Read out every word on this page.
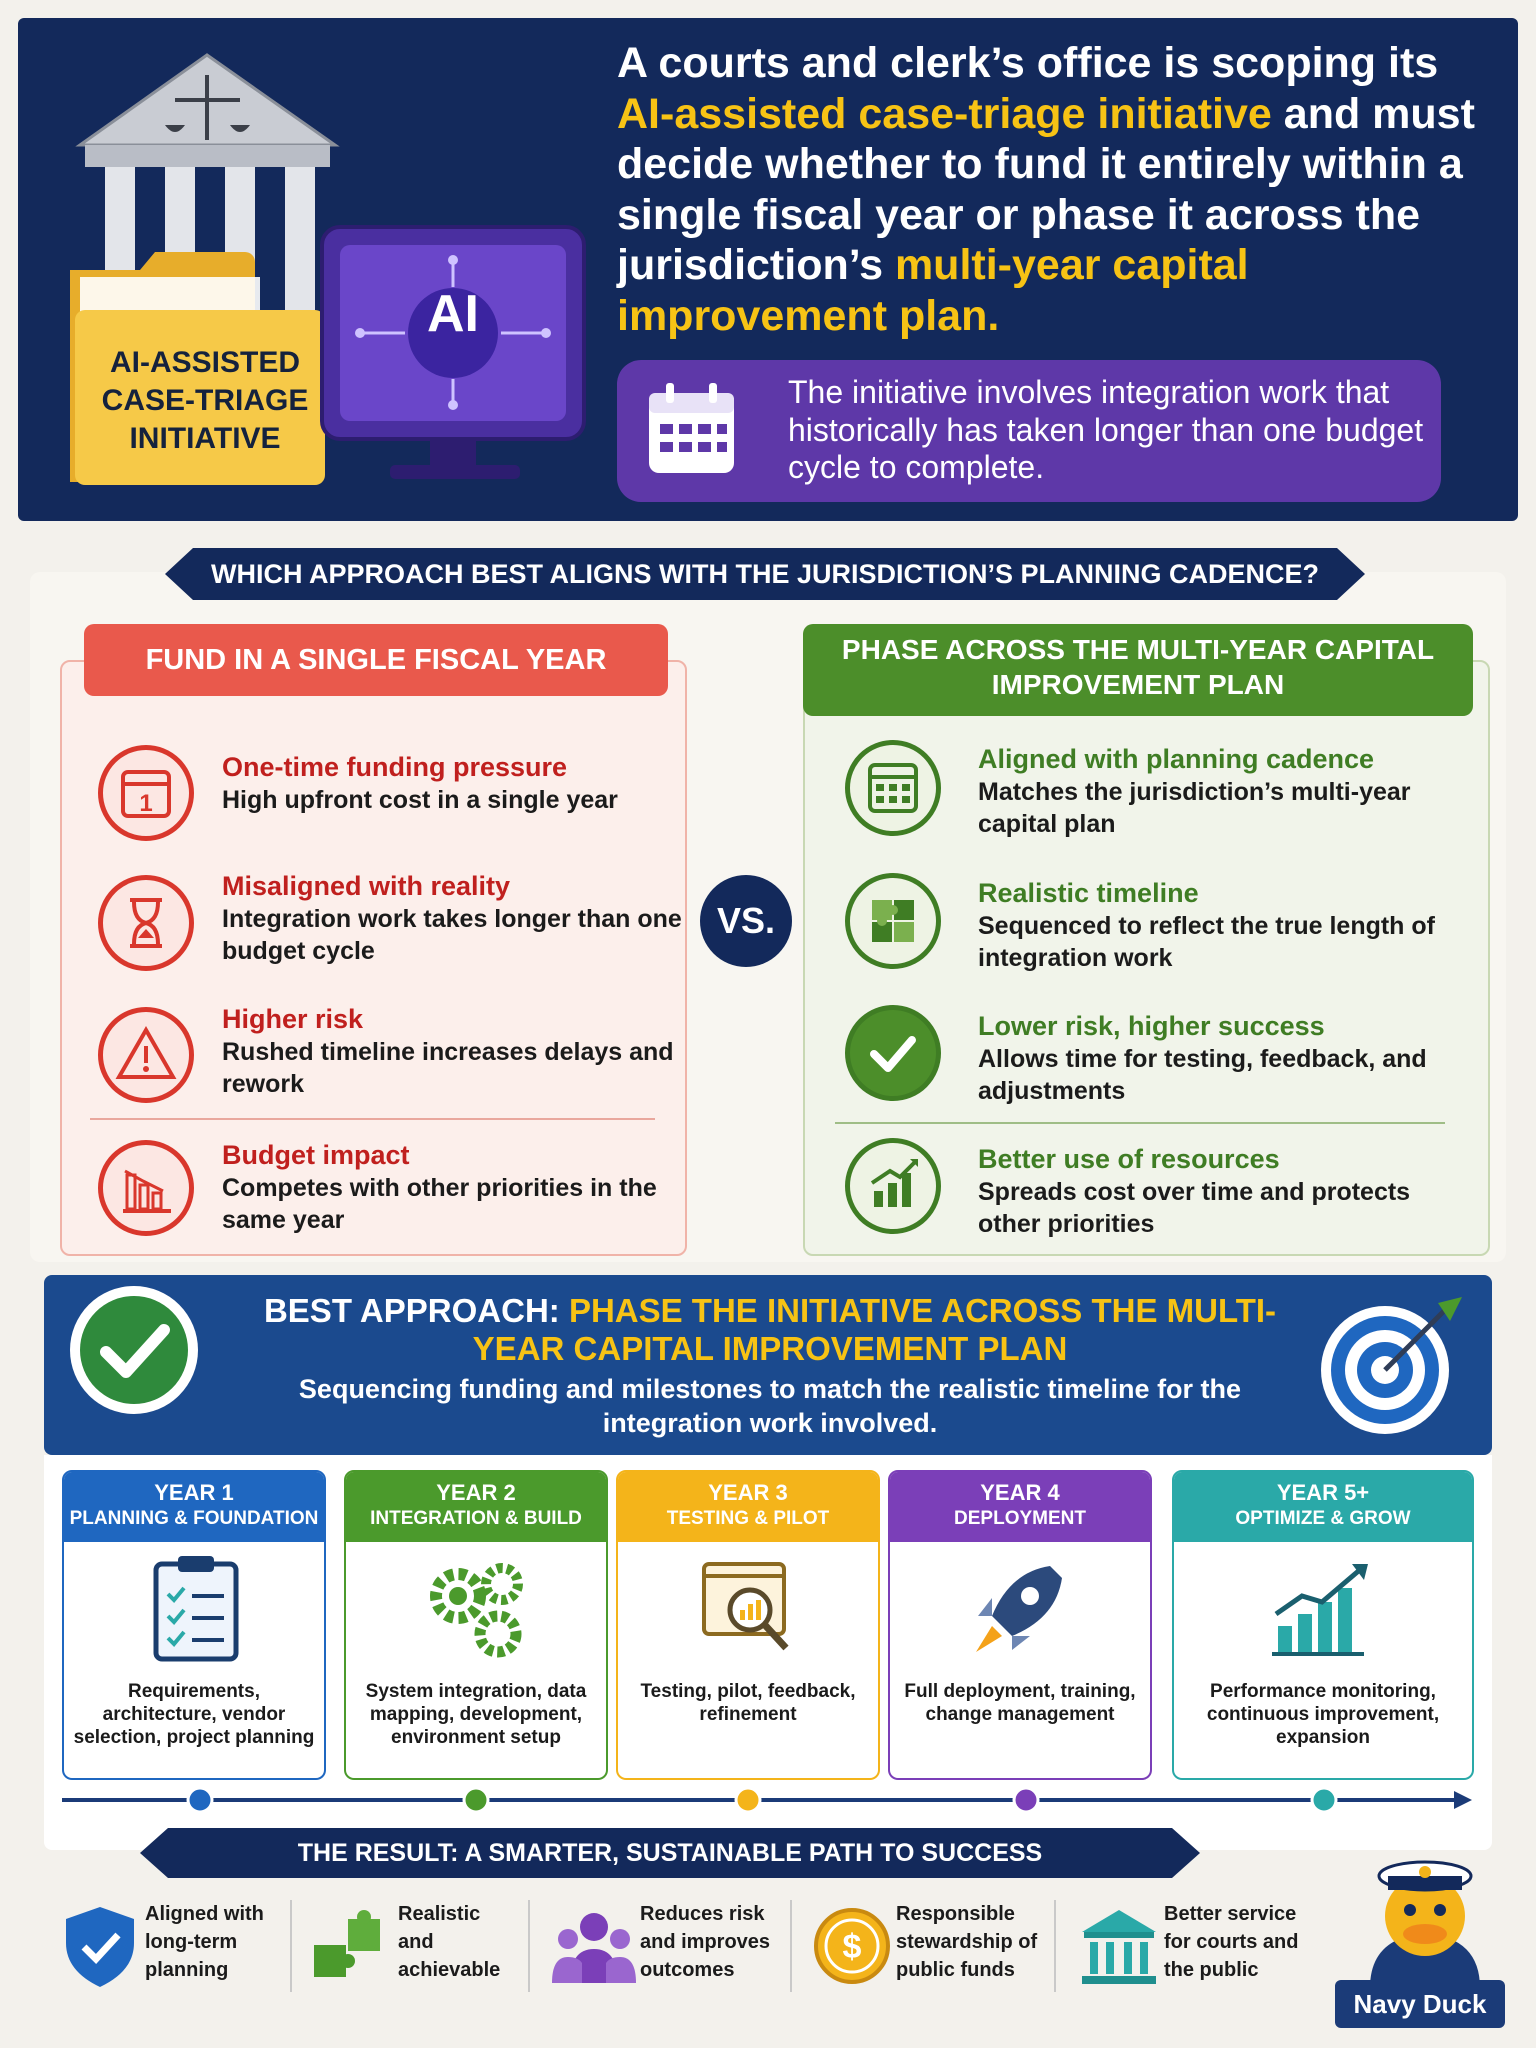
AI-ASSISTED CASE-TRIAGE INITIATIVE
AI
A courts and clerk’s office is scoping its AI-assisted case-triage initiative and must decide whether to fund it entirely within a single fiscal year or phase it across the jurisdiction’s multi-year capital improvement plan.
The initiative involves integration work that historically has taken longer than one budget cycle to complete.
WHICH APPROACH BEST ALIGNS WITH THE JURISDICTION’S PLANNING CADENCE?
FUND IN A SINGLE FISCAL YEAR	PHASE ACROSS THE MULTI-YEAR CAPITAL IMPROVEMENT PLAN
1
One-time funding pressure
High upfront cost in a single year
Misaligned with reality
Integration work takes longer than one budget cycle
Higher risk
Rushed timeline increases delays and rework
Budget impact
Competes with other priorities in the same year
VS.
Aligned with planning cadence
Matches the jurisdiction’s multi-year capital plan
Realistic timeline
Sequenced to reflect the true length of integration work
Lower risk, higher success
Allows time for testing, feedback, and adjustments
Better use of resources
Spreads cost over time and protects other priorities
BEST APPROACH: PHASE THE INITIATIVE ACROSS THE MULTI-YEAR CAPITAL IMPROVEMENT PLAN
Sequencing funding and milestones to match the realistic timeline for the integration work involved.
YEAR 1
PLANNING & FOUNDATION
Requirements, architecture, vendor selection, project planning
YEAR 2
INTEGRATION & BUILD
System integration, data mapping, development, environment setup
YEAR 3
TESTING & PILOT
Testing, pilot, feedback, refinement
YEAR 4
DEPLOYMENT
Full deployment, training, change management
YEAR 5+
OPTIMIZE & GROW
Performance monitoring, continuous improvement, expansion
THE RESULT: A SMARTER, SUSTAINABLE PATH TO SUCCESS
Aligned with long-term planning
Realistic and achievable
Reduces risk and improves outcomes
$
Responsible stewardship of public funds
Better service for courts and the public
Navy Duck
